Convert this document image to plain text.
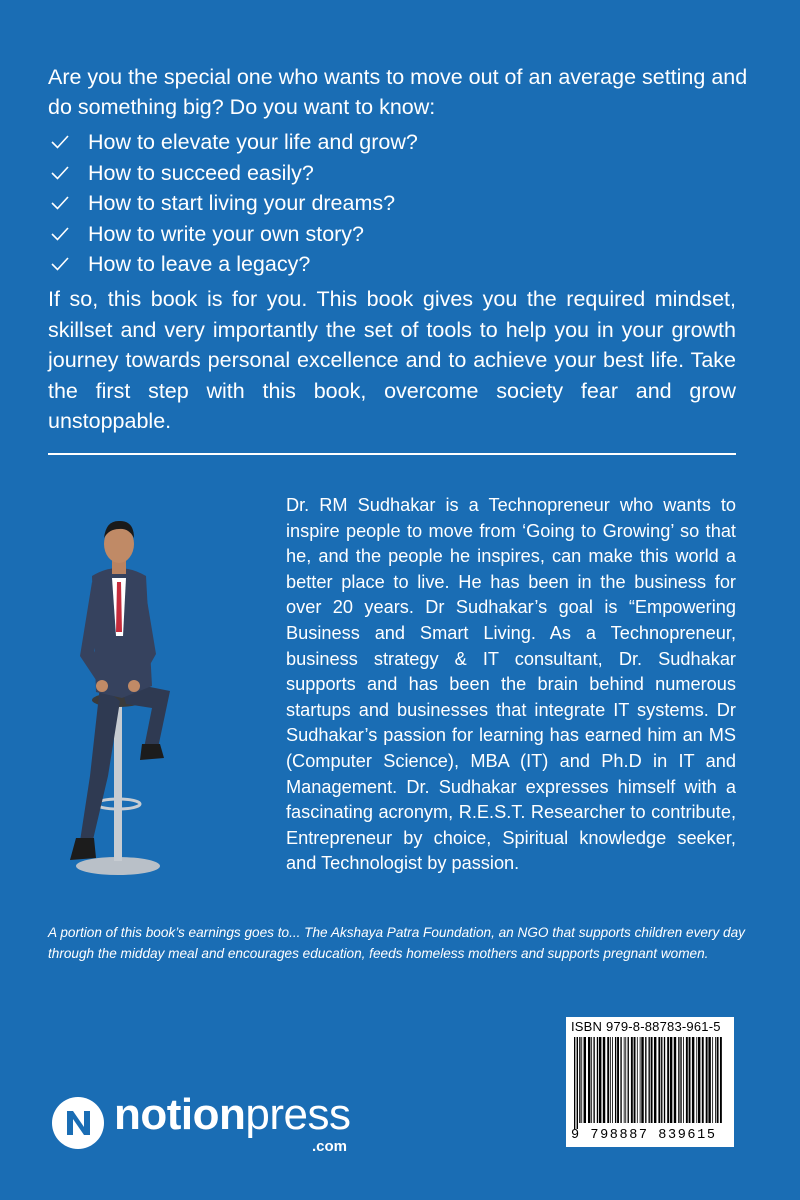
Are you the special one who wants to move out of an average setting and do something big? Do you want to know:

How to elevate your life and grow?
How to succeed easily?
How to start living your dreams?
How to write your own story?
How to leave a legacy?

If so, this book is for you. This book gives you the required mindset, skillset and very importantly the set of tools to help you in your growth journey towards personal excellence and to achieve your best life. Take the first step with this book, overcome society fear and grow unstoppable.

Dr. RM Sudhakar is a Technopreneur who wants to inspire people to move from ‘Going to Growing’ so that he, and the people he inspires, can make this world a better place to live. He has been in the business for over 20 years. Dr Sudhakar’s goal is “Empowering Business and Smart Living. As a Technopreneur, business strategy & IT consultant, Dr. Sudhakar supports and has been the brain behind numerous startups and businesses that integrate IT systems. Dr Sudhakar’s passion for learning has earned him an MS (Computer Science), MBA (IT) and Ph.D in IT and Management. Dr. Sudhakar expresses himself with a fascinating acronym, R.E.S.T. Researcher to contribute, Entrepreneur by choice, Spiritual knowledge seeker, and Technologist by passion.

A portion of this book’s earnings goes to... The Akshaya Patra Foundation, an NGO that supports children every day through the midday meal and encourages education, feeds homeless mothers and supports pregnant women.

ISBN 979-8-88783-961-5
9 798887 839615
notionpress
.com
